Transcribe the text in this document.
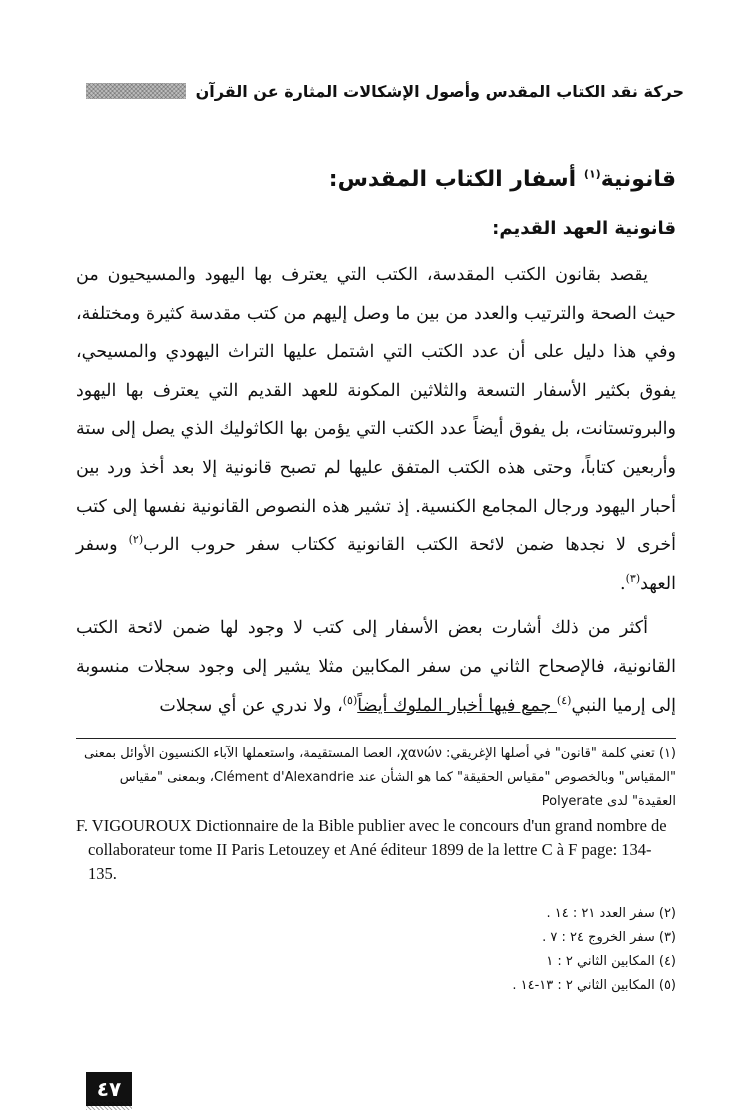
حركة نقد الكتاب المقدس وأصول الإشكالات المثارة عن القرآن
قانونية$^{(١)}$ أسفار الكتاب المقدس:
قانونية العهد القديم:

يقصد بقانون الكتب المقدسة، الكتب التي يعترف بها اليهود والمسيحيون من حيث الصحة والترتيب والعدد من بين ما وصل إليهم من كتب مقدسة كثيرة ومختلفة، وفي هذا دليل على أن عدد الكتب التي اشتمل عليها التراث اليهودي والمسيحي، يفوق بكثير الأسفار التسعة والثلاثين المكونة للعهد القديم التي يعترف بها اليهود والبروتستانت، بل يفوق أيضاً عدد الكتب التي يؤمن بها الكاثوليك الذي يصل إلى ستة وأربعين كتاباً، وحتى هذه الكتب المتفق عليها لم تصبح قانونية إلا بعد أخذ ورد بين أحبار اليهود ورجال المجامع الكنسية. إذ تشير هذه النصوص القانونية نفسها إلى كتب أخرى لا نجدها ضمن لائحة الكتب القانونية ككتاب سفر حروب الرب$^{(٢)}$ وسفر العهد$^{(٣)}$.

أكثر من ذلك أشارت بعض الأسفار إلى كتب لا وجود لها ضمن لائحة الكتب القانونية، فالإصحاح الثاني من سفر المكابين مثلا يشير إلى وجود سجلات منسوبة إلى إرميا النبي$^{(٤)}$ جمع فيها أخبار الملوك أيضاً$^{(٥)}$، ولا ندري عن أي سجلات

(١) تعني كلمة "قانون" في أصلها الإغريقي: χανών، العصا المستقيمة، واستعملها الآباء الكنسيون الأوائل بمعنى "المقياس" وبالخصوص "مقياس الحقيقة" كما هو الشأن عند Clément d'Alexandrie، وبمعنى "مقياس العقيدة" لدى Polyerate

F. VIGOUROUX Dictionnaire de la Bible publier avec le concours d'un grand nombre de collaborateur tome II Paris Letouzey et Ané éditeur 1899 de la lettre C à F page: 134-135.

(٢) سفر العدد ٢١ : ١٤ .

(٣) سفر الخروج ٢٤ : ٧ .

(٤) المكابين الثاني ٢ : ١

(٥) المكابين الثاني ٢ : ١٣-١٤ .

٤٧
